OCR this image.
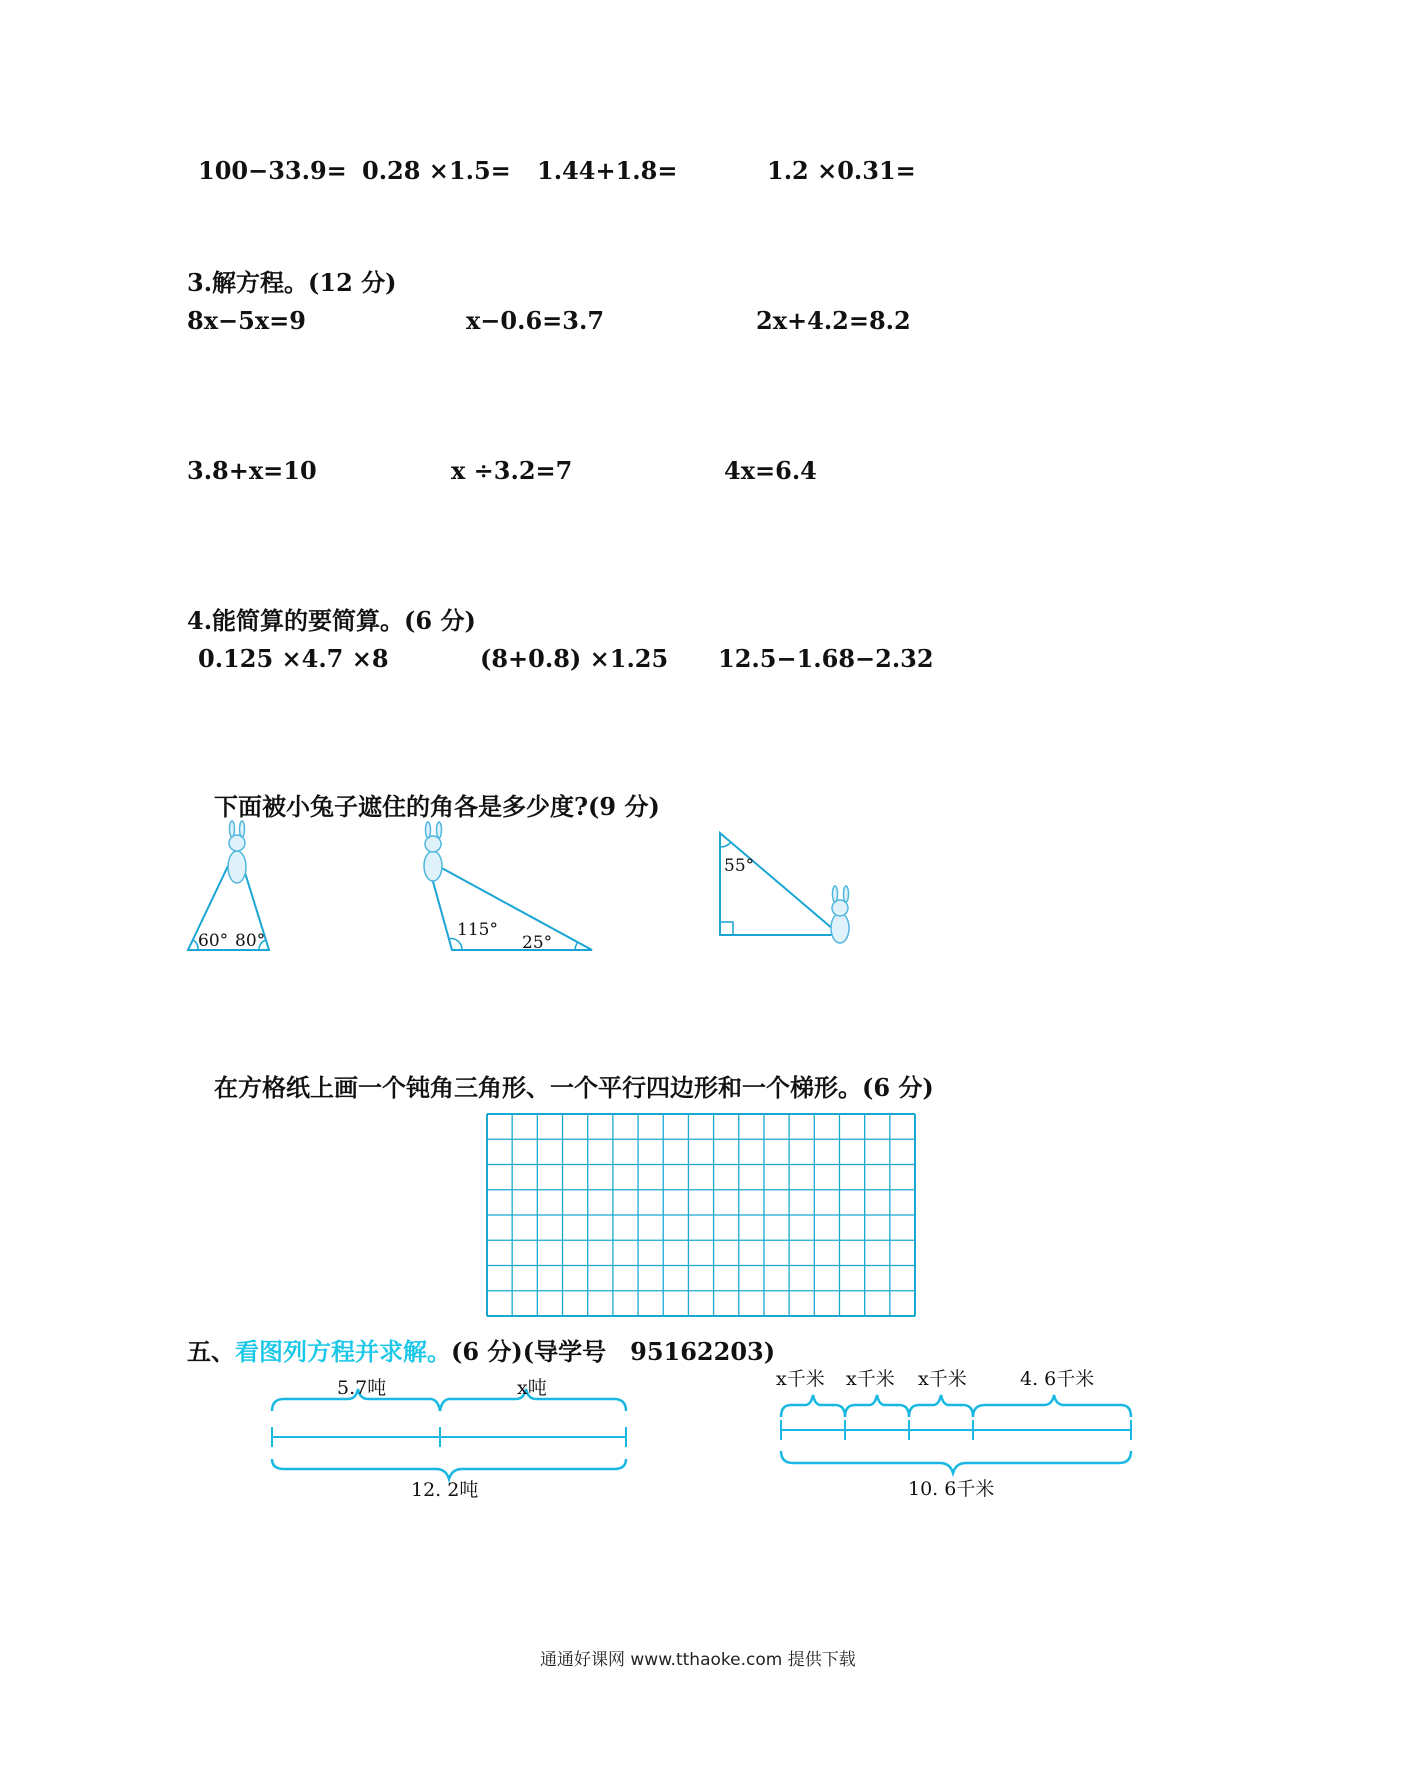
100−33.9= 0.28 ×1.5= 1.44+1.8=	1.2 ×0.31=
3.解方程。(12 分)
8x−5x=9	x−0.6=3.7	2x+4.2=8.2
3.8+x=10	x ÷3.2=7	4x=6.4
4.能简算的要简算。(6 分)
0.125 ×4.7 ×8	(8+0.8) ×1.25 12.5−1.68−2.32
下面被小兔子遮住的角各是多少度?(9 分)
60° 80°
115°
25°
55°
在方格纸上画一个钝角三角形、一个平行四边形和一个梯形。(6 分)
五、看图列方程并求解。(6 分)(导学号　95162203)
5.7吨	x吨
12. 2吨
x千米 x千米 x千米	4. 6千米
10. 6千米
通通好课网 www.tthaoke.com 提供下载
